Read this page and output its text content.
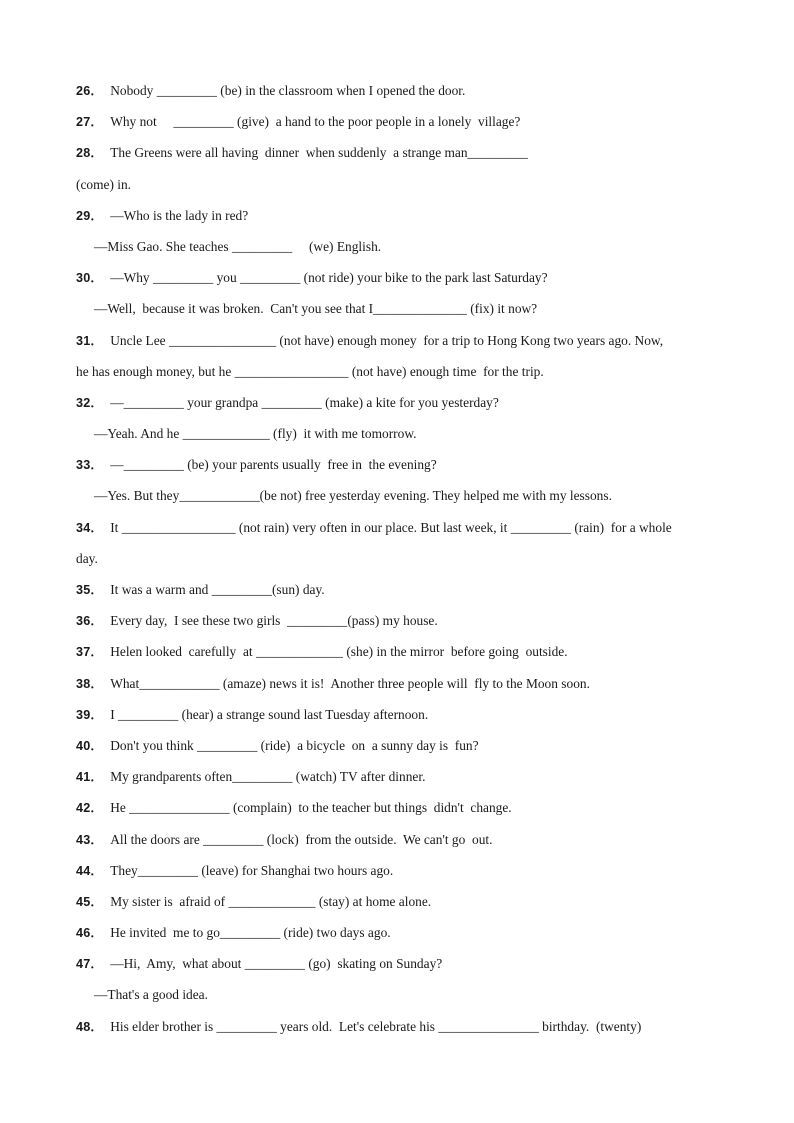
26． Nobody _________ (be) in the classroom when I opened the door.
27． Why not     _________ (give)  a hand to the poor people in a lonely  village?
28． The Greens were all having  dinner  when suddenly  a strange man_________
(come) in.
29． —Who is the lady in red?
—Miss Gao. She teaches _________     (we) English.
30． —Why _________ you _________ (not ride) your bike to the park last Saturday?
—Well,  because it was broken.  Can't you see that I______________ (fix) it now?
31． Uncle Lee ________________ (not have) enough money  for a trip to Hong Kong two years ago. Now,
he has enough money, but he _________________ (not have) enough time  for the trip.
32． —_________ your grandpa _________ (make) a kite for you yesterday?
—Yeah. And he _____________ (fly)  it with me tomorrow.
33． —_________ (be) your parents usually  free in  the evening?
—Yes. But they____________(be not) free yesterday evening. They helped me with my lessons.
34． It _________________ (not rain) very often in our place. But last week, it _________ (rain)  for a whole
day.
35． It was a warm and _________(sun) day.
36． Every day,  I see these two girls  _________(pass) my house.
37． Helen looked  carefully  at _____________ (she) in the mirror  before going  outside.
38． What____________ (amaze) news it is!  Another three people will  fly to the Moon soon.
39． I _________ (hear) a strange sound last Tuesday afternoon.
40． Don't you think _________ (ride)  a bicycle  on  a sunny day is  fun?
41． My grandparents often_________ (watch) TV after dinner.
42． He _______________ (complain)  to the teacher but things  didn't  change.
43． All the doors are _________ (lock)  from the outside.  We can't go  out.
44． They_________ (leave) for Shanghai two hours ago.
45． My sister is  afraid of _____________ (stay) at home alone.
46． He invited  me to go_________ (ride) two days ago.
47． —Hi,  Amy,  what about _________ (go)  skating on Sunday?
—That's a good idea.
48． His elder brother is _________ years old.  Let's celebrate his _______________ birthday.  (twenty)
